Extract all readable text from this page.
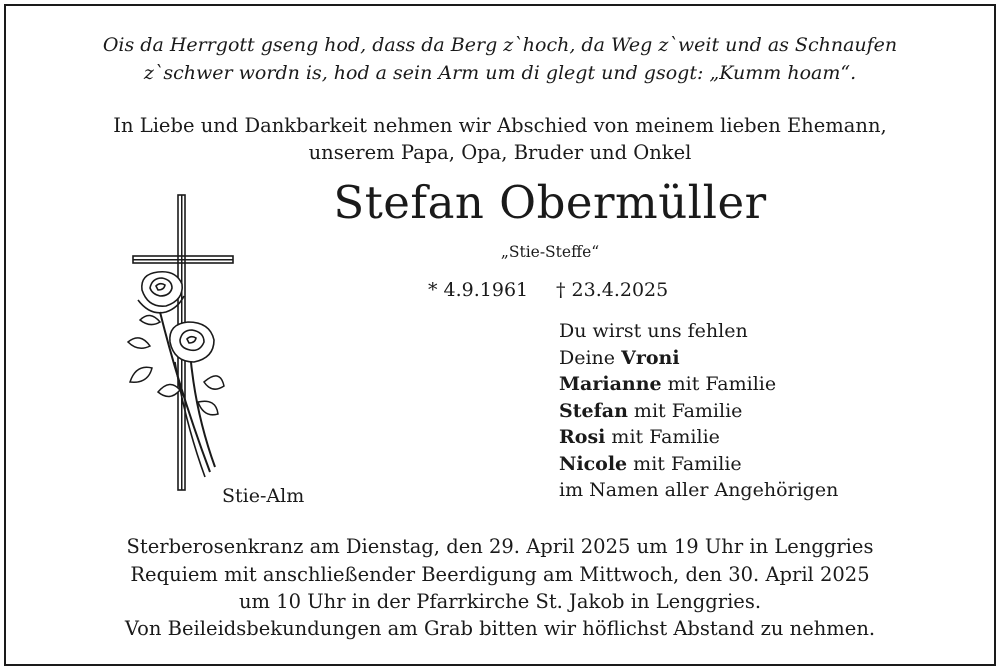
Ois da Herrgott gseng hod, dass da Berg z`hoch, da Weg z`weit und as Schnaufen
z`schwer wordn is, hod a sein Arm um di glegt und gsogt: „Kumm hoam“.
In Liebe und Dankbarkeit nehmen wir Abschied von meinem lieben Ehemann,
unserem Papa, Opa, Bruder und Onkel
Stefan Obermüller
„Stie-Steffe“
* 4.9.1961 † 23.4.2025
Stie-Alm
Du wirst uns fehlen
Deine Vroni
Marianne mit Familie
Stefan mit Familie
Rosi mit Familie
Nicole mit Familie
im Namen aller Angehörigen
Sterberosenkranz am Dienstag, den 29. April 2025 um 19 Uhr in Lenggries
Requiem mit anschließender Beerdigung am Mittwoch, den 30. April 2025
um 10 Uhr in der Pfarrkirche St. Jakob in Lenggries.
Von Beileidsbekundungen am Grab bitten wir höflichst Abstand zu nehmen.
